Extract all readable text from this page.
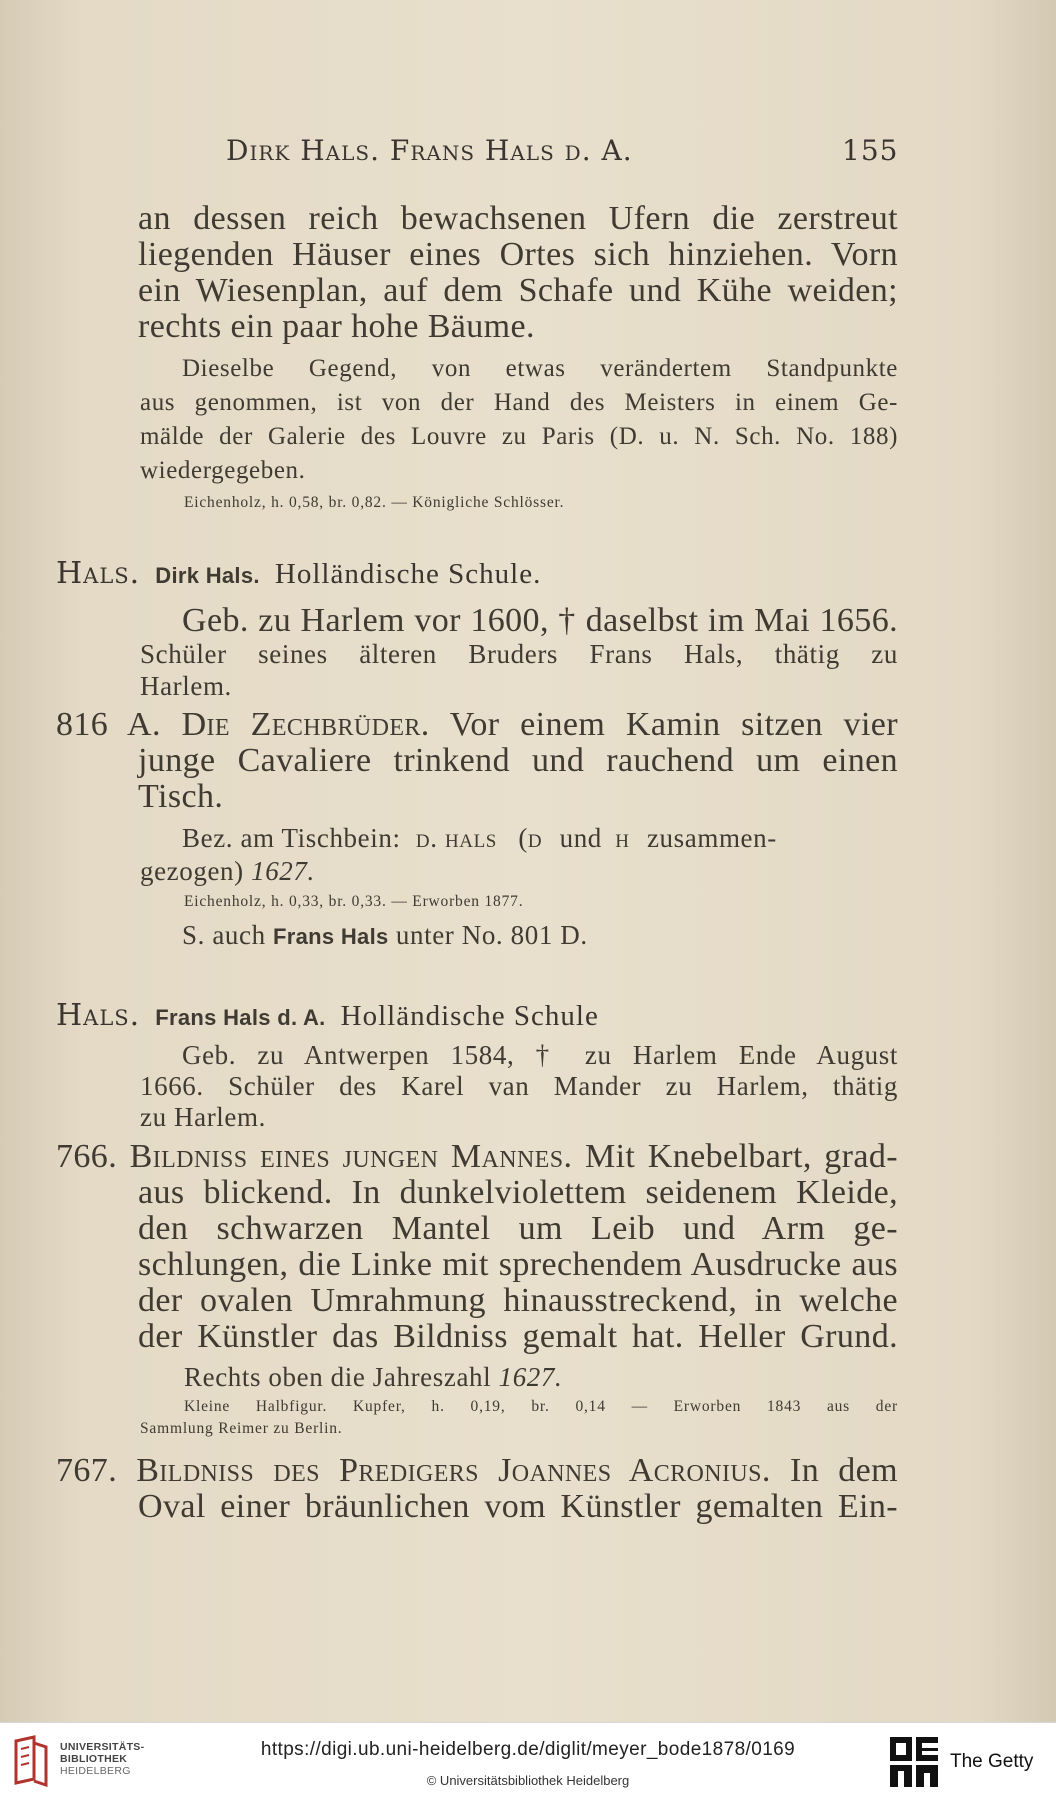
Dirk Hals. Frans Hals d. A.	155
an dessen reich bewachsenen Ufern die zerstreut
liegenden Häuser eines Ortes sich hinziehen. Vorn
ein Wiesenplan, auf dem Schafe und Kühe weiden;
rechts ein paar hohe Bäume.
Dieselbe Gegend, von etwas verändertem Standpunkte
aus genommen, ist von der Hand des Meisters in einem Ge-
mälde der Galerie des Louvre zu Paris (D. u. N. Sch. No. 188)
wiedergegeben.
Eichenholz, h. 0,58, br. 0,82. — Königliche Schlösser.
Hals. Dirk Hals. Holländische Schule.
Geb. zu Harlem vor 1600, † daselbst im Mai 1656.
Schüler seines älteren Bruders Frans Hals, thätig zu
Harlem.
816 A. Die Zechbrüder. Vor einem Kamin sitzen vier
junge Cavaliere trinkend und rauchend um einen
Tisch.
Bez. am Tischbein: d. hals (d und h zusammen-
gezogen) 1627.
Eichenholz, h. 0,33, br. 0,33. — Erworben 1877.
S. auch Frans Hals unter No. 801 D.
Hals. Frans Hals d. A. Holländische Schule
Geb. zu Antwerpen 1584, † zu Harlem Ende August
1666. Schüler des Karel van Mander zu Harlem, thätig
zu Harlem.
766. Bildniss eines jungen Mannes. Mit Knebelbart, grad-
aus blickend. In dunkelviolettem seidenem Kleide,
den schwarzen Mantel um Leib und Arm ge-
schlungen, die Linke mit sprechendem Ausdrucke aus
der ovalen Umrahmung hinausstreckend, in welche
der Künstler das Bildniss gemalt hat. Heller Grund.
Rechts oben die Jahreszahl 1627.
Kleine Halbfigur. Kupfer, h. 0,19, br. 0,14 — Erworben 1843 aus der
Sammlung Reimer zu Berlin.
767. Bildniss des Predigers Joannes Acronius. In dem
Oval einer bräunlichen vom Künstler gemalten Ein-
UNIVERSITÄTS-
BIBLIOTHEK
HEIDELBERG
https://digi.ub.uni-heidelberg.de/diglit/meyer_bode1878/0169
© Universitätsbibliothek Heidelberg
The Getty
